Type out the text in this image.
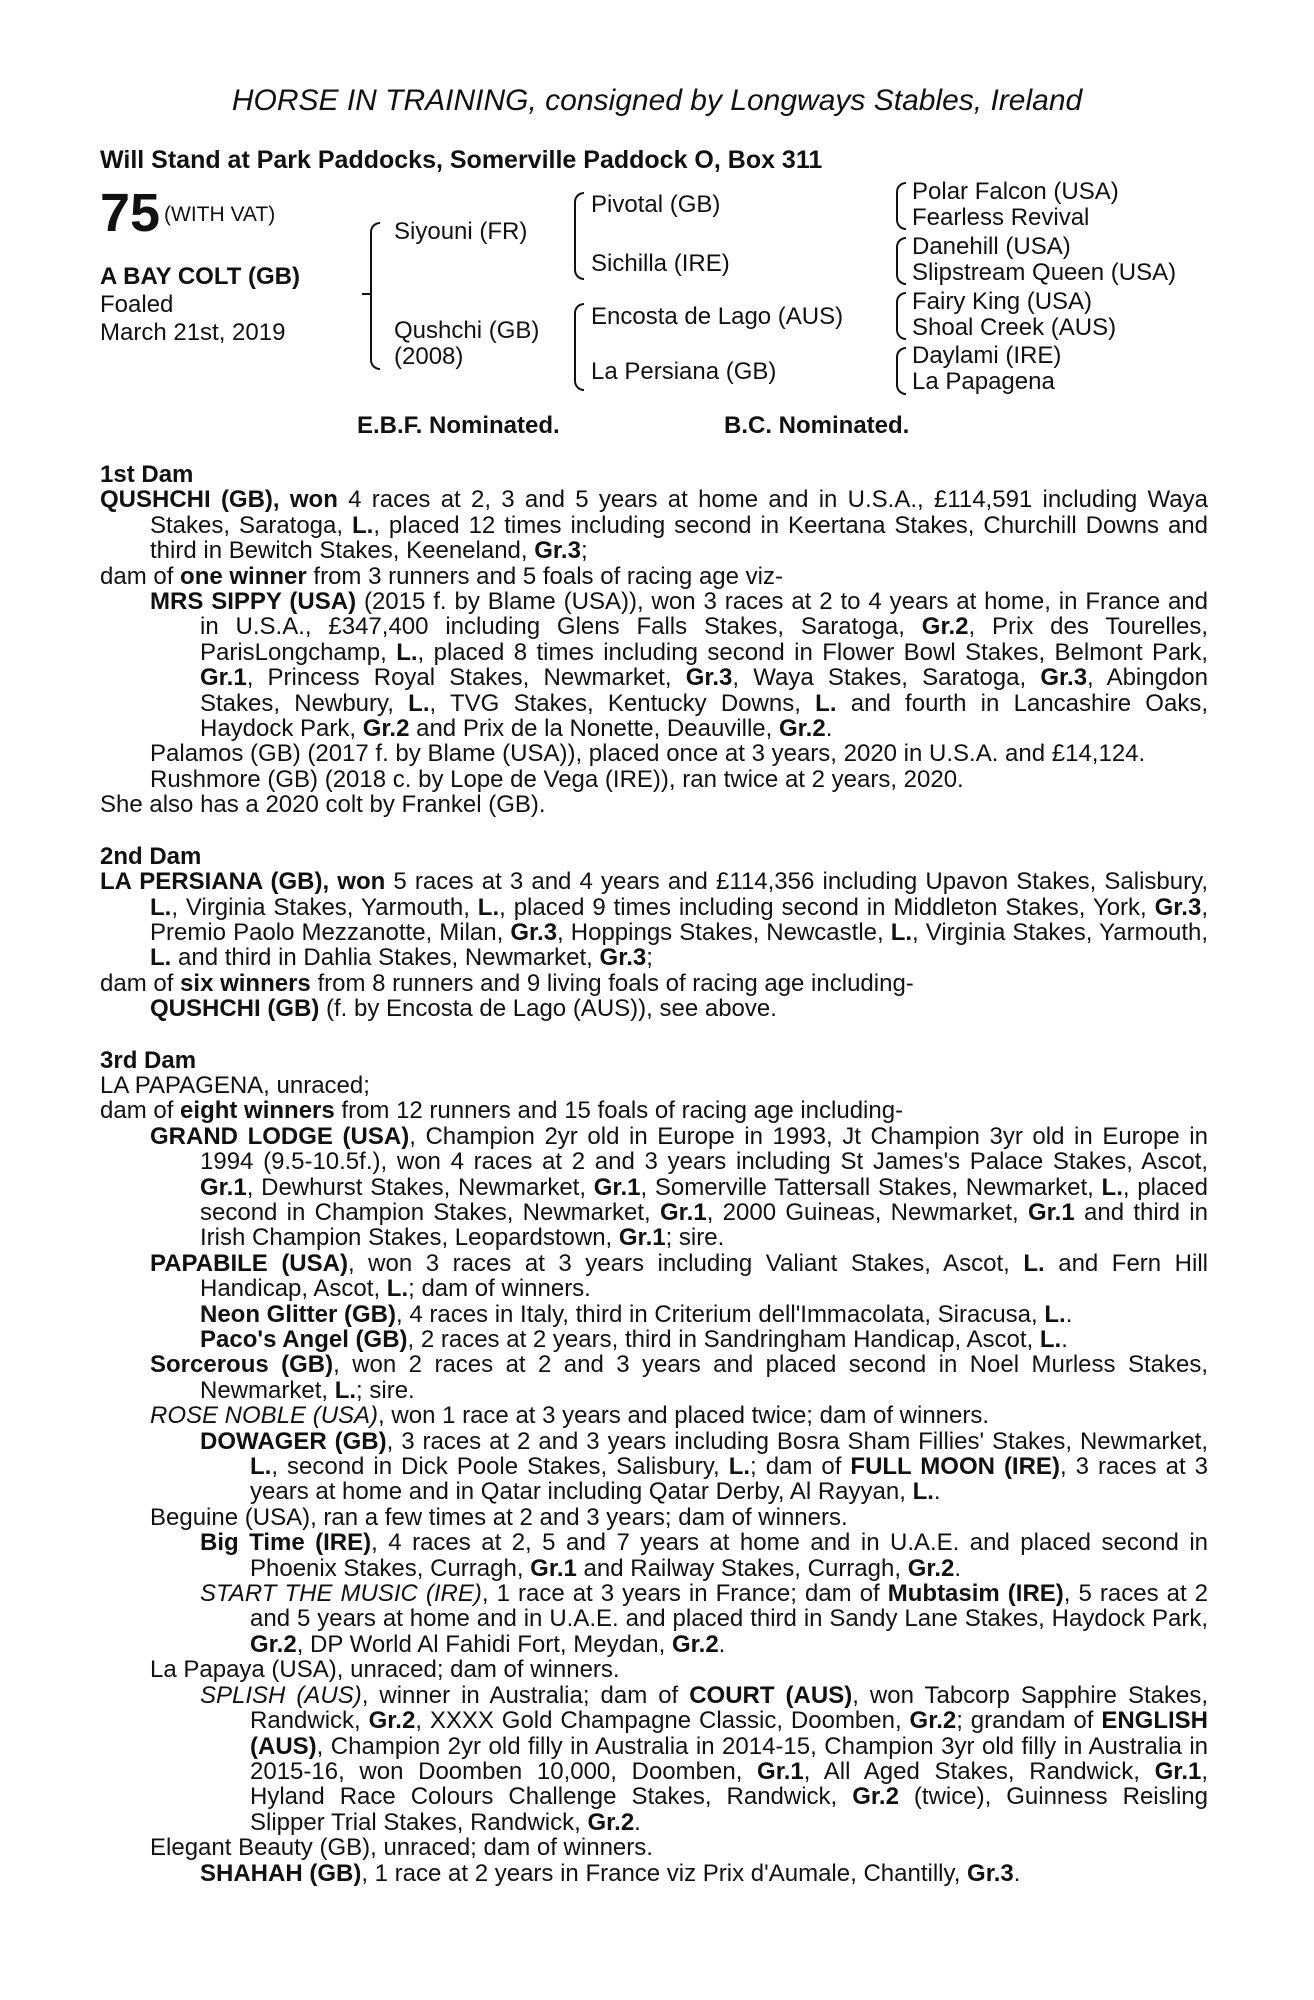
HORSE IN TRAINING, consigned by Longways Stables, Ireland
Will Stand at Park Paddocks, Somerville Paddock O, Box 311
75 (WITH VAT)
A BAY COLT (GB)
Foaled
March 21st, 2019
Siyouni (FR)
Qushchi (GB)
(2008)
Pivotal (GB)
Sichilla (IRE)
Encosta de Lago (AUS)
La Persiana (GB)
Polar Falcon (USA)
Fearless Revival
Danehill (USA)
Slipstream Queen (USA)
Fairy King (USA)
Shoal Creek (AUS)
Daylami (IRE)
La Papagena
E.B.F. Nominated.	B.C. Nominated.
1st Dam
QUSHCHI (GB), won 4 races at 2, 3 and 5 years at home and in U.S.A., £114,591 including Waya Stakes, Saratoga, L., placed 12 times including second in Keertana Stakes, Churchill Downs and third in Bewitch Stakes, Keeneland, Gr.3;
dam of one winner from 3 runners and 5 foals of racing age viz-
MRS SIPPY (USA) (2015 f. by Blame (USA)), won 3 races at 2 to 4 years at home, in France and in U.S.A., £347,400 including Glens Falls Stakes, Saratoga, Gr.2, Prix des Tourelles, ParisLongchamp, L., placed 8 times including second in Flower Bowl Stakes, Belmont Park, Gr.1, Princess Royal Stakes, Newmarket, Gr.3, Waya Stakes, Saratoga, Gr.3, Abingdon Stakes, Newbury, L., TVG Stakes, Kentucky Downs, L. and fourth in Lancashire Oaks, Haydock Park, Gr.2 and Prix de la Nonette, Deauville, Gr.2.
Palamos (GB) (2017 f. by Blame (USA)), placed once at 3 years, 2020 in U.S.A. and £14,124.
Rushmore (GB) (2018 c. by Lope de Vega (IRE)), ran twice at 2 years, 2020.
She also has a 2020 colt by Frankel (GB).
2nd Dam
LA PERSIANA (GB), won 5 races at 3 and 4 years and £114,356 including Upavon Stakes, Salisbury, L., Virginia Stakes, Yarmouth, L., placed 9 times including second in Middleton Stakes, York, Gr.3, Premio Paolo Mezzanotte, Milan, Gr.3, Hoppings Stakes, Newcastle, L., Virginia Stakes, Yarmouth, L. and third in Dahlia Stakes, Newmarket, Gr.3;
dam of six winners from 8 runners and 9 living foals of racing age including-
QUSHCHI (GB) (f. by Encosta de Lago (AUS)), see above.
3rd Dam
LA PAPAGENA, unraced;
dam of eight winners from 12 runners and 15 foals of racing age including-
GRAND LODGE (USA), Champion 2yr old in Europe in 1993, Jt Champion 3yr old in Europe in 1994 (9.5-10.5f.), won 4 races at 2 and 3 years including St James's Palace Stakes, Ascot, Gr.1, Dewhurst Stakes, Newmarket, Gr.1, Somerville Tattersall Stakes, Newmarket, L., placed second in Champion Stakes, Newmarket, Gr.1, 2000 Guineas, Newmarket, Gr.1 and third in Irish Champion Stakes, Leopardstown, Gr.1; sire.
PAPABILE (USA), won 3 races at 3 years including Valiant Stakes, Ascot, L. and Fern Hill Handicap, Ascot, L.; dam of winners.
Neon Glitter (GB), 4 races in Italy, third in Criterium dell'Immacolata, Siracusa, L..
Paco's Angel (GB), 2 races at 2 years, third in Sandringham Handicap, Ascot, L..
Sorcerous (GB), won 2 races at 2 and 3 years and placed second in Noel Murless Stakes, Newmarket, L.; sire.
ROSE NOBLE (USA), won 1 race at 3 years and placed twice; dam of winners.
DOWAGER (GB), 3 races at 2 and 3 years including Bosra Sham Fillies' Stakes, Newmarket, L., second in Dick Poole Stakes, Salisbury, L.; dam of FULL MOON (IRE), 3 races at 3 years at home and in Qatar including Qatar Derby, Al Rayyan, L..
Beguine (USA), ran a few times at 2 and 3 years; dam of winners.
Big Time (IRE), 4 races at 2, 5 and 7 years at home and in U.A.E. and placed second in Phoenix Stakes, Curragh, Gr.1 and Railway Stakes, Curragh, Gr.2.
START THE MUSIC (IRE), 1 race at 3 years in France; dam of Mubtasim (IRE), 5 races at 2 and 5 years at home and in U.A.E. and placed third in Sandy Lane Stakes, Haydock Park, Gr.2, DP World Al Fahidi Fort, Meydan, Gr.2.
La Papaya (USA), unraced; dam of winners.
SPLISH (AUS), winner in Australia; dam of COURT (AUS), won Tabcorp Sapphire Stakes, Randwick, Gr.2, XXXX Gold Champagne Classic, Doomben, Gr.2; grandam of ENGLISH (AUS), Champion 2yr old filly in Australia in 2014-15, Champion 3yr old filly in Australia in 2015-16, won Doomben 10,000, Doomben, Gr.1, All Aged Stakes, Randwick, Gr.1, Hyland Race Colours Challenge Stakes, Randwick, Gr.2 (twice), Guinness Reisling Slipper Trial Stakes, Randwick, Gr.2.
Elegant Beauty (GB), unraced; dam of winners.
SHAHAH (GB), 1 race at 2 years in France viz Prix d'Aumale, Chantilly, Gr.3.
